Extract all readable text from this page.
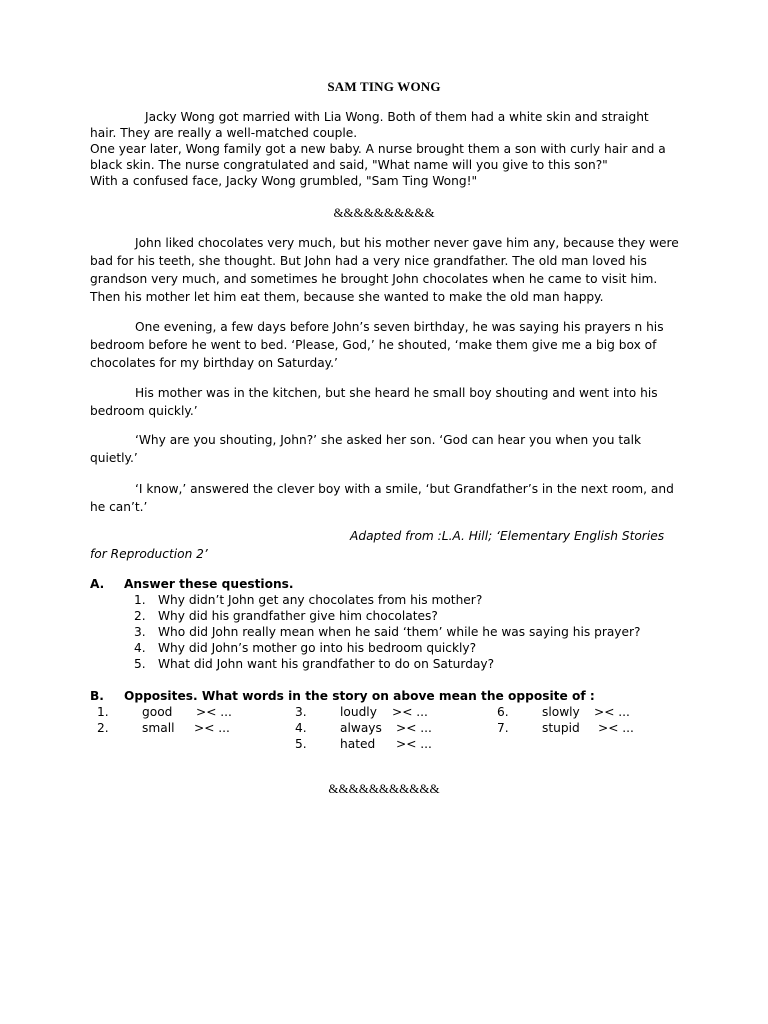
SAM TING WONG
Jacky Wong got married with Lia Wong. Both of them had a white skin and straight
hair. They are really a well-matched couple.
One year later, Wong family got a new baby. A nurse brought them a son with curly hair and a
black skin. The nurse congratulated and said, "What name will you give to this son?"
With a confused face, Jacky Wong grumbled, "Sam Ting Wong!"
&&&&&&&&&&
John liked chocolates very much, but his mother never gave him any, because they were
bad for his teeth, she thought. But John had a very nice grandfather. The old man loved his
grandson very much, and sometimes he brought John chocolates when he came to visit him.
Then his mother let him eat them, because she wanted to make the old man happy.
One evening, a few days before John’s seven birthday, he was saying his prayers n his
bedroom before he went to bed. ‘Please, God,’ he shouted, ‘make them give me a big box of
chocolates for my birthday on Saturday.’
His mother was in the kitchen, but she heard he small boy shouting and went into his
bedroom quickly.’
‘Why are you shouting, John?’ she asked her son. ‘God can hear you when you talk
quietly.’
‘I know,’ answered the clever boy with a smile, ‘but Grandfather’s in the next room, and
he can’t.’
Adapted from :L.A. Hill; ‘Elementary English Stories
for Reproduction 2’
A. Answer these questions.
1. Why didn’t John get any chocolates from his mother?
2. Why did his grandfather give him chocolates?
3. Who did John really mean when he said ‘them’ while he was saying his prayer?
4. Why did John’s mother go into his bedroom quickly?
5. What did John want his grandfather to do on Saturday?
B. Opposites. What words in the story on above mean the opposite of :
1.	good >< ...
2.	small >< ...
3.	loudly >< ...
4.	always >< ...
5.	hated >< ...
6.	slowly >< ...
7.	stupid >< ...
&&&&&&&&&&&
